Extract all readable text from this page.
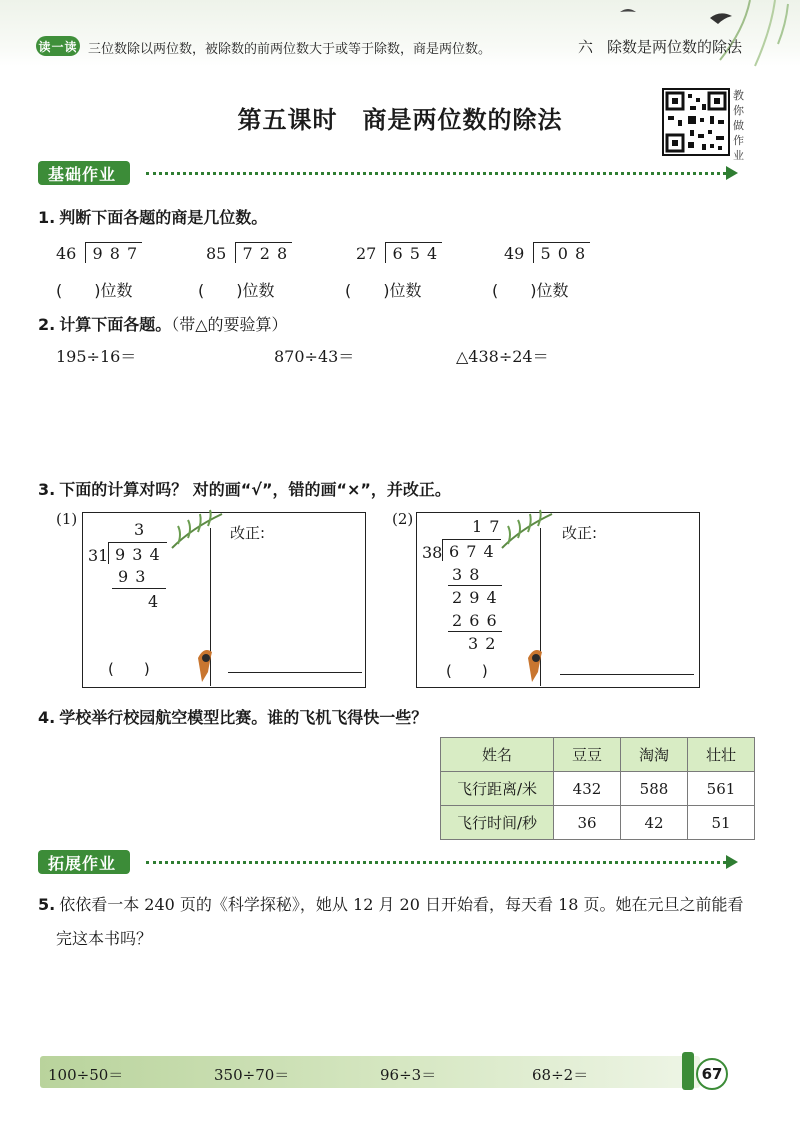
读一读 三位数除以两位数，被除数的前两位数大于或等于除数，商是两位数。	六 除数是两位数的除法
第五课时　商是两位数的除法
教你做作业
基础作业
1. 判断下面各题的商是几位数。
46 9 8 7	85 7 2 8	27 6 5 4	49 5 0 8
(　　)位数	(　　)位数	(　　)位数	(　　)位数
2. 计算下面各题。（带△的要验算）
195÷16＝	870÷43＝	△438÷24＝
3. 下面的计算对吗？ 对的画“√”，错的画“×”，并改正。
(1)
3
31 9 3 4
9 3
4
改正:
(　　)
(2)	1 7
38 6 7 4
3 8
2 9 4
2 6 6
3 2
改正:
(　　)
4. 学校举行校园航空模型比赛。谁的飞机飞得快一些？
姓名	豆豆	淘淘	壮壮
飞行距离/米	432	588	561
飞行时间/秒	36	42	51
拓展作业
5. 依依看一本 240 页的《科学探秘》，她从 12 月 20 日开始看，每天看 18 页。她在元旦之前能看
完这本书吗？
100÷50＝	350÷70＝	96÷3＝	68÷2＝	67
